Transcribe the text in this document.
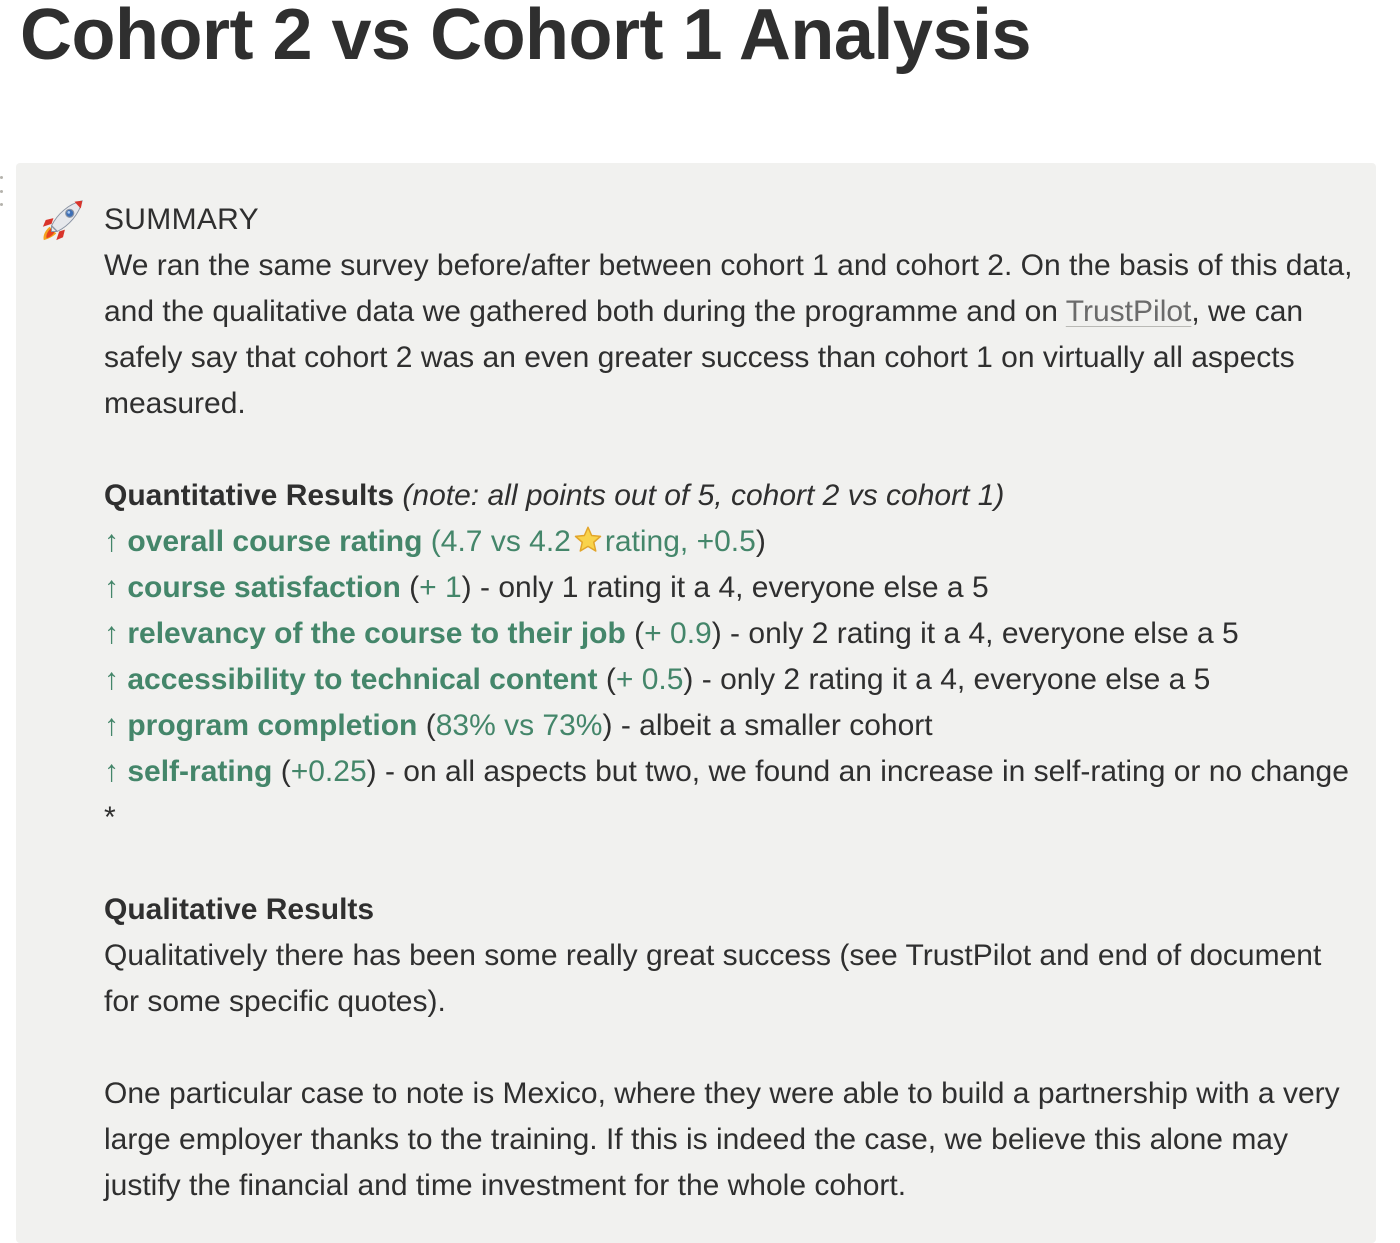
Cohort 2 vs Cohort 1 Analysis

SUMMARY

We ran the same survey before/after between cohort 1 and cohort 2. On the basis of this data, and the qualitative data we gathered both during the programme and on TrustPilot, we can safely say that cohort 2 was an even greater success than cohort 1 on virtually all aspects measured.

Quantitative Results (note: all points out of 5, cohort 2 vs cohort 1)

↑ overall course rating (4.7 vs 4.2 rating, +0.5)

↑ course satisfaction (+ 1) - only 1 rating it a 4, everyone else a 5

↑ relevancy of the course to their job (+ 0.9) - only 2 rating it a 4, everyone else a 5

↑ accessibility to technical content (+ 0.5) - only 2 rating it a 4, everyone else a 5

↑ program completion (83% vs 73%) - albeit a smaller cohort

↑ self-rating (+0.25) - on all aspects but two, we found an increase in self-rating or no change *

Qualitative Results

Qualitatively there has been some really great success (see TrustPilot and end of document for some specific quotes).

One particular case to note is Mexico, where they were able to build a partnership with a very large employer thanks to the training. If this is indeed the case, we believe this alone may justify the financial and time investment for the whole cohort.
